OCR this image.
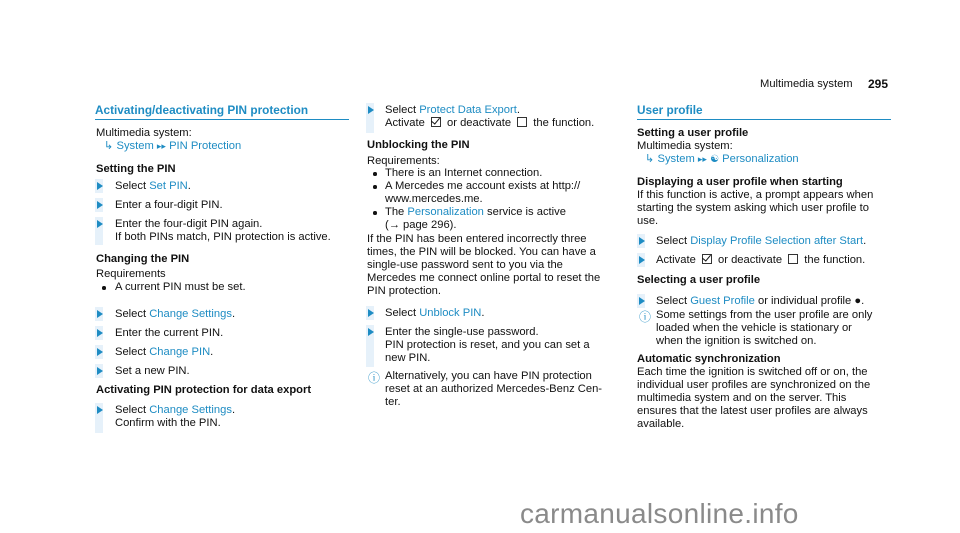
Multimedia system 295
Activating/deactivating PIN protection
Multimedia system:
↳ System ▸▸ PIN Protection
Setting the PIN
Select Set PIN.
Enter a four-digit PIN.
Enter the four-digit PIN again.
If both PINs match, PIN protection is active.
Changing the PIN
Requirements
A current PIN must be set.
Select Change Settings.
Enter the current PIN.
Select Change PIN.
Set a new PIN.
Activating PIN protection for data export
Select Change Settings.
Confirm with the PIN.
Select Protect Data Export.
Activate or deactivate the function.
Unblocking the PIN
Requirements:
There is an Internet connection.
A Mercedes me account exists at http://
www.mercedes.me.
The Personalization service is active
(→ page 296).
If the PIN has been entered incorrectly three
times, the PIN will be blocked. You can have a
single-use password sent to you via the
Mercedes me connect online portal to reset the
PIN protection.
Select Unblock PIN.
Enter the single-use password.
PIN protection is reset, and you can set a
new PIN.
ⓘ Alternatively, you can have PIN protection
reset at an authorized Mercedes-Benz Cen-
ter.
User profile
Setting a user profile
Multimedia system:
↳ System ▸▸ ☯ Personalization
Displaying a user profile when starting
If this function is active, a prompt appears when
starting the system asking which user profile to
use.
Select Display Profile Selection after Start.
Activate or deactivate the function.
Selecting a user profile
Select Guest Profile or individual profile ●.
ⓘ Some settings from the user profile are only
loaded when the vehicle is stationary or
when the ignition is switched on.
Automatic synchronization
Each time the ignition is switched off or on, the
individual user profiles are synchronized on the
multimedia system and on the server. This
ensures that the latest user profiles are always
available.
carmanualsonline.info
